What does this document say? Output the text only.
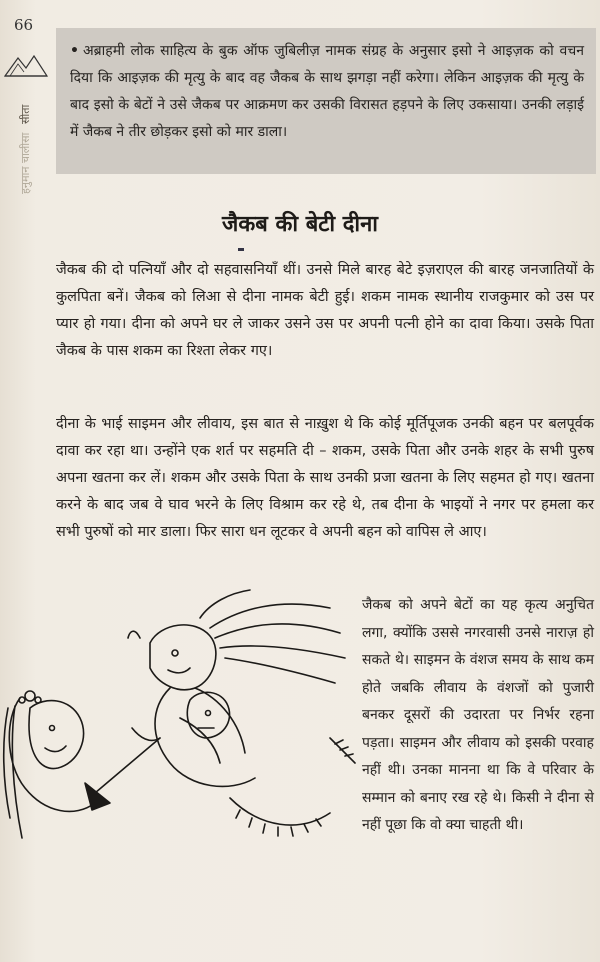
66
सीता
हनुमान चालीसा
• अब्राहमी लोक साहित्य के बुक ऑफ जुबिलीज़ नामक संग्रह के अनुसार इसो ने आइज़क को वचन दिया कि आइज़क की मृत्यु के बाद वह जैकब के साथ झगड़ा नहीं करेगा। लेकिन आइज़क की मृत्यु के बाद इसो के बेटों ने उसे जैकब पर आक्रमण कर उसकी विरासत हड़पने के लिए उकसाया। उनकी लड़ाई में जैकब ने तीर छोड़कर इसो को मार डाला।
जैकब की बेटी दीना
जैकब की दो पत्नियाँ और दो सहवासनियाँ थीं। उनसे मिले बारह बेटे इज़राएल की बारह जनजातियों के कुलपिता बनें। जैकब को लिआ से दीना नामक बेटी हुई। शकम नामक स्थानीय राजकुमार को उस पर प्यार हो गया। दीना को अपने घर ले जाकर उसने उस पर अपनी पत्नी होने का दावा किया। उसके पिता जैकब के पास शकम का रिश्ता लेकर गए।
दीना के भाई साइमन और लीवाय, इस बात से नाख़ुश थे कि कोई मूर्तिपूजक उनकी बहन पर बलपूर्वक दावा कर रहा था। उन्होंने एक शर्त पर सहमति दी – शकम, उसके पिता और उनके शहर के सभी पुरुष अपना खतना कर लें। शकम और उसके पिता के साथ उनकी प्रजा खतना के लिए सहमत हो गए। खतना करने के बाद जब वे घाव भरने के लिए विश्राम कर रहे थे, तब दीना के भाइयों ने नगर पर हमला कर सभी पुरुषों को मार डाला। फिर सारा धन लूटकर वे अपनी बहन को वापिस ले आए।
जैकब को अपने बेटों का यह कृत्य अनुचित लगा, क्योंकि उससे नगरवासी उनसे नाराज़ हो सकते थे। साइमन के वंशज समय के साथ कम होते जबकि लीवाय के वंशजों को पुजारी बनकर दूसरों की उदारता पर निर्भर रहना पड़ता। साइमन और लीवाय को इसकी परवाह नहीं थी। उनका मानना था कि वे परिवार के सम्मान को बनाए रख रहे थे। किसी ने दीना से नहीं पूछा कि वो क्या चाहती थी।
